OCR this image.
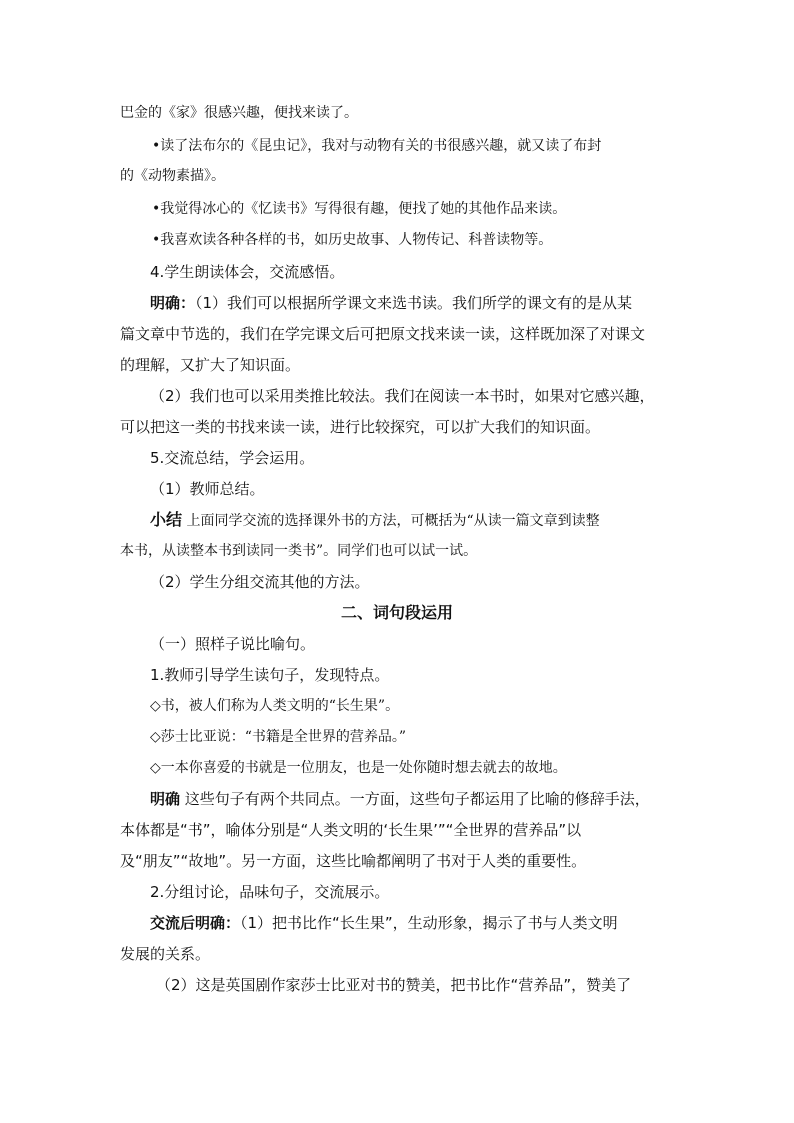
巴金的《家》很感兴趣，便找来读了。
•读了法布尔的《昆虫记》，我对与动物有关的书很感兴趣，就又读了布封
的《动物素描》。
•我觉得冰心的《忆读书》写得很有趣，便找了她的其他作品来读。
•我喜欢读各种各样的书，如历史故事、人物传记、科普读物等。
4.学生朗读体会，交流感悟。
明确：（1）我们可以根据所学课文来选书读。我们所学的课文有的是从某
篇文章中节选的，我们在学完课文后可把原文找来读一读，这样既加深了对课文
的理解，又扩大了知识面。
（2）我们也可以采用类推比较法。我们在阅读一本书时，如果对它感兴趣，
可以把这一类的书找来读一读，进行比较探究，可以扩大我们的知识面。
5.交流总结，学会运用。
（1）教师总结。
小结 上面同学交流的选择课外书的方法，可概括为“从读一篇文章到读整
本书，从读整本书到读同一类书”。同学们也可以试一试。
（2）学生分组交流其他的方法。
二、词句段运用
（一）照样子说比喻句。
1.教师引导学生读句子，发现特点。
◇书，被人们称为人类文明的“长生果”。
◇莎士比亚说：“书籍是全世界的营养品。”
◇一本你喜爱的书就是一位朋友，也是一处你随时想去就去的故地。
明确 这些句子有两个共同点。一方面，这些句子都运用了比喻的修辞手法，
本体都是“书”，喻体分别是“人类文明的‘长生果’”“全世界的营养品”以
及“朋友”“故地”。另一方面，这些比喻都阐明了书对于人类的重要性。
2.分组讨论，品味句子，交流展示。
交流后明确：（1）把书比作“长生果”，生动形象，揭示了书与人类文明
发展的关系。
（2）这是英国剧作家莎士比亚对书的赞美，把书比作“营养品”，赞美了
